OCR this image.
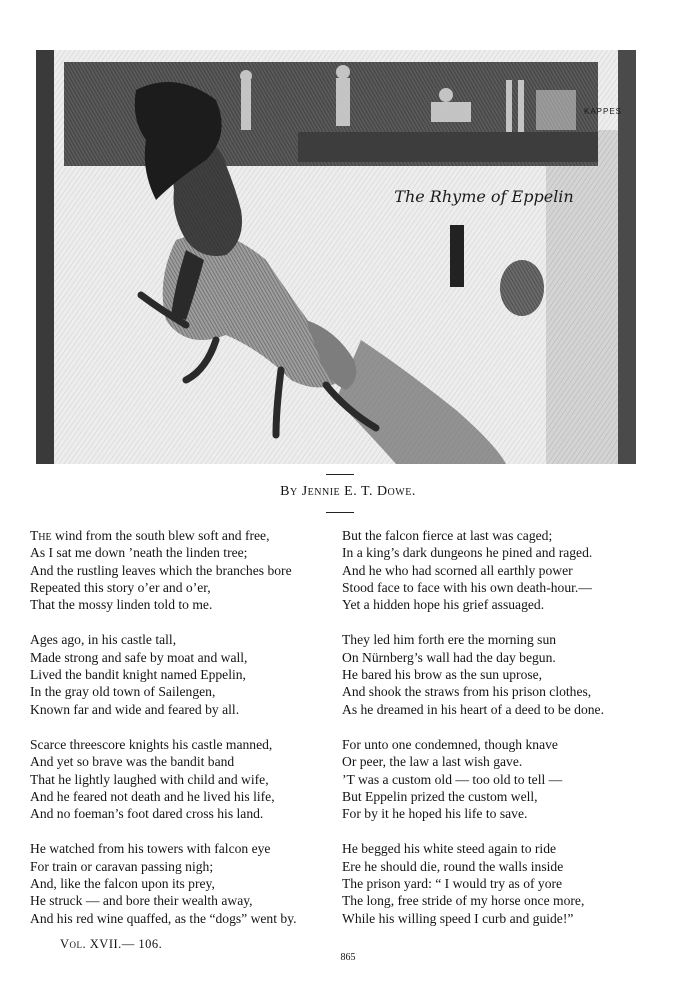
KAPPES
The Rhyme of Eppelin
By Jennie E. T. Dowe.
The wind from the south blew soft and free,
As I sat me down ’neath the linden tree;
And the rustling leaves which the branches bore
Repeated this story o’er and o’er,
That the mossy linden told to me.
Ages ago, in his castle tall,
Made strong and safe by moat and wall,
Lived the bandit knight named Eppelin,
In the gray old town of Sailengen,
Known far and wide and feared by all.
Scarce threescore knights his castle manned,
And yet so brave was the bandit band
That he lightly laughed with child and wife,
And he feared not death and he lived his life,
And no foeman’s foot dared cross his land.
He watched from his towers with falcon eye
For train or caravan passing nigh;
And, like the falcon upon its prey,
He struck — and bore their wealth away,
And his red wine quaffed, as the “dogs” went by.
But the falcon fierce at last was caged;
In a king’s dark dungeons he pined and raged.
And he who had scorned all earthly power
Stood face to face with his own death-hour.—
Yet a hidden hope his grief assuaged.
They led him forth ere the morning sun
On Nürnberg’s wall had the day begun.
He bared his brow as the sun uprose,
And shook the straws from his prison clothes,
As he dreamed in his heart of a deed to be done.
For unto one condemned, though knave
Or peer, the law a last wish gave.
’T was a custom old — too old to tell —
But Eppelin prized the custom well,
For by it he hoped his life to save.
He begged his white steed again to ride
Ere he should die, round the walls inside
The prison yard: “ I would try as of yore
The long, free stride of my horse once more,
While his willing speed I curb and guide!”
Vol. XVII.— 106.
865
